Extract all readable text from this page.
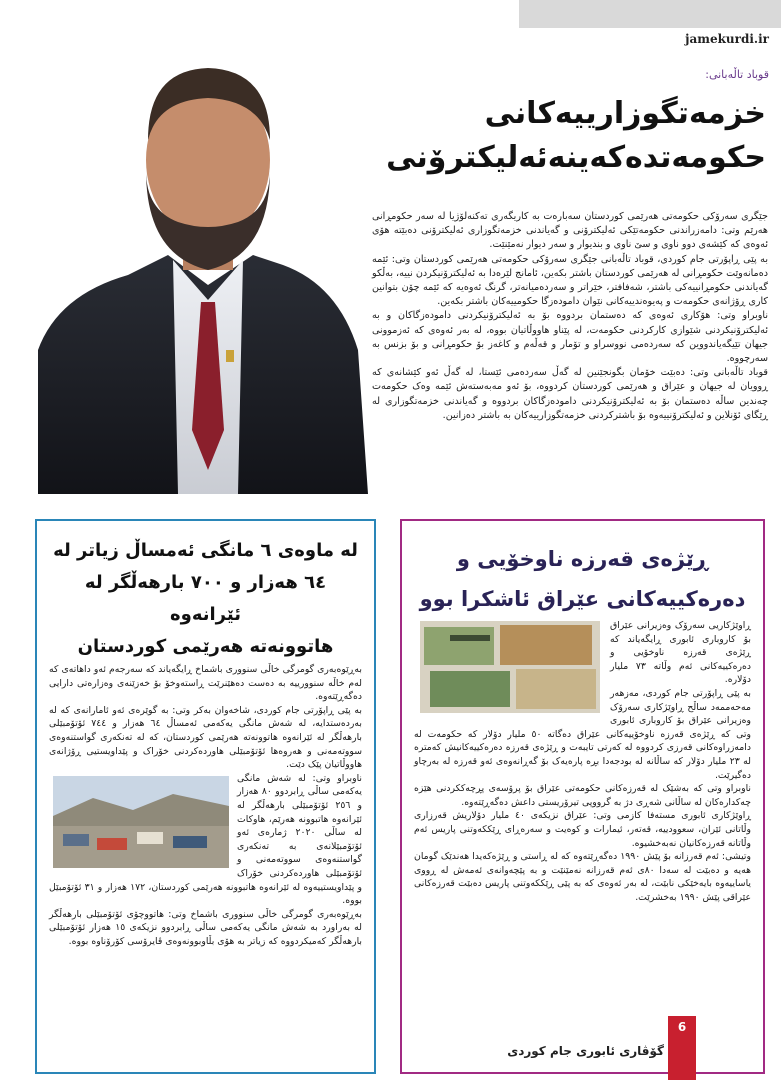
jamekurdi.ir
قوباد تاڵەبانی:
خزمەتگوزارییەکانی
حکومەتدەکەینەئەلیکترۆنی

جێگری سەرۆکی حکومەتی هەرێمی کوردستان سەبارەت بە کاریگەری تەکنەلۆژیا لە سەر حکومڕانی هەرێم وتی: دامەزراندنی حکومەتێکی ئەلیکترۆنی و گەیاندنی خزمەتگوزاری ئەلیکترۆنی دەبێتە هۆی ئەوەی کە کێشەی دوو ناوی و سێ ناوی و بندیوار و سەر دیوار نەمێنێت.

بە پێی ڕاپۆرتی جام کوردی، قوباد تاڵەبانی جێگری سەرۆکی حکومەتی هەرێمی کوردستان وتی: ئێمە دەمانەوێت حکومڕانی لە هەرێمی کوردستان باشتر بکەین، ئامانج لێرەدا بە ئەلیکترۆنیکردن نییە، بەڵکو گەیاندنی حکومڕانییەکی باشتر، شەفافتر، خێراتر و سەردەمیانەتر، گرنگ ئەوەیە کە ئێمە چۆن بتوانین کاری ڕۆژانەی حکومەت و پەیوەندییەکانی نێوان دامودەزگا حکومییەکان باشتر بکەین.

ناوبراو وتی: هۆکاری ئەوەی کە دەستمان بردووە بۆ بە ئەلیکترۆنیکردنی دامودەزگاکان و بە ئەلیکترۆنیکردنی شێوازی کارکردنی حکومەت، لە پێناو هاووڵاتیان بووە، لە بەر ئەوەی کە ئەزموونی جیهان تێیگەیاندووین کە سەردەمی نووسراو و تۆمار و قەڵەم و کاغەز بۆ حکومڕانی و بۆ بزنس بە سەرچووە.

قوباد تاڵەبانی وتی: دەبێت خۆمان بگونجێنین لە گەڵ سەردەمی ئێستا، لە گەڵ ئەو کێشانەی کە ڕوویان لە جیهان و عێراق و هەرێمی کوردستان کردووە، بۆ ئەو مەبەستەش ئێمە وەک حکومەت چەندین ساڵە دەستمان بۆ بە ئەلیکترۆنیکردنی دامودەزگاکان بردووە و گەیاندنی خزمەتگوزاری لە ڕێگای ئۆنلاین و ئەلیکترۆنییەوە بۆ باشترکردنی خزمەتگوزارییەکان بە باشتر دەزانین.

ڕێژەی قەرزە ناوخۆیی و
دەرەکییەکانی عێراق ئاشکرا بوو

ڕاوێژکاریی سەرۆک وەزیرانی عێراق بۆ کاروباری ئابوری ڕایگەیاند کە ڕێژەی قەرزە ناوخۆیی و دەرەکییەکانی ئەم وڵاتە ٧٣ ملیار دۆلارە.

بە پێی ڕاپۆرتی جام کوردی، مەزهەر مەحەممەد ساڵح ڕاوێژکاری سەرۆک وەزیرانی عێراق بۆ کاروباری ئابوری وتی کە ڕێژەی قەرزە ناوخۆییەکانی عێراق دەگاتە ٥٠ ملیار دۆلار کە حکومەت لە دامەزراوەکانی قەرزی کردووە لە کەرتی تایبەت و ڕێژەی قەرزە دەرەکییەکانیش کەمترە لە ٢٣ ملیار دۆلار کە ساڵانە لە بودجەدا بڕە پارەیەک بۆ گەڕانەوەی ئەو قەرزە لە بەرچاو دەگیرێت.

ناوبراو وتی کە بەشێک لە قەرزەکانی حکومەتی عێراق بۆ پرۆسەی پڕچەککردنی هێزە چەکدارەکان لە ساڵانی شەڕی دژ بە گرووپی تیرۆریستی داعش دەگەڕێتەوە.

ڕاوێژکاری ئابوری مستەفا کازمی وتی: عێراق نزیکەی ٤٠ ملیار دۆلاریش قەرزاری وڵاتانی ئێران، سعوودییە، قەتەر، ئیمارات و کوەیت و سەرەڕای ڕێککەوتنی پاریس ئەم وڵاتانە قەرزەکانیان نەبەخشیوە.

وتیشی: ئەم قەرزانە بۆ پێش ١٩٩٠ دەگەڕێتەوە کە لە ڕاستی و ڕێژەکەیدا هەندێک گومان هەیە و دەبێت لە سەدا ٨٠ی ئەم قەرزانە نەمێنێت و بە پێچەوانەی ئەمەش لە ڕووی یاساییەوە بایەخێکی نابێت، لە بەر ئەوەی کە بە پێی ڕێککەوتنی پاریس دەبێت قەرزەکانی عێراقی پێش ١٩٩٠ بەخشرێت.

لە ماوەی ٦ مانگی ئەمساڵ زیاتر لە
٦٤ هەزار و ٧٠٠ بارهەڵگر لە ئێرانەوە
هاتوونەتە هەرێمی کوردستان

بەڕێوەبەری گومرگی خاڵی سنووری باشماخ ڕایگەیاند کە سەرجەم ئەو داهاتەی کە لەم خاڵە سنوورییە بە دەست دەهێنرێت ڕاستەوخۆ بۆ خەزێنەی وەزارەتی دارایی دەگەڕێتەوە.

بە پێی ڕاپۆرتی جام کوردی، شاخەوان بەکر وتی: بە گوێرەی ئەو ئامارانەی کە لە بەردەستدایە، لە شەش مانگی یەکەمی ئەمساڵ ٦٤ هەزار و ٧٤٤ ئۆتۆمبێلی بارهەڵگر لە ئێرانەوە هاتوونەتە هەرێمی کوردستان، کە لە تەنکەری گواستنەوەی سووتەمەنی و هەروەها ئۆتۆمبێلی هاوردەکردنی خۆراک و پێداویستیی ڕۆژانەی هاووڵاتیان پێک دێت.

ناوبراو وتی: لە شەش مانگی یەکەمی ساڵی ڕابردوو ٨٠ هەزار و ٢٥٦ ئۆتۆمبێلی بارهەڵگر لە ئێرانەوە هاتبوونە هەرێم، هاوکات لە ساڵی ٢٠٢٠ ژمارەی ئەو ئۆتۆمبێلانەی بە تەنکەری گواستنەوەی سووتەمەنی و ئۆتۆمبێلی هاوردەکردنی خۆراک و پێداویستییەوە لە ئێرانەوە هاتبوونە هەرێمی کوردستان، ١٧٢ هەزار و ٣١ ئۆتۆمبێل بووە.

بەڕێوەبەری گومرگی خاڵی سنووری باشماخ وتی: هاتووچۆی ئۆتۆمبێلی بارهەڵگر لە بەراورد بە شەش مانگی یەکەمی ساڵی ڕابردوو نزیکەی ١٥ هەزار ئۆتۆمبێلی بارهەڵگر کەمیکردووە کە زیاتر بە هۆی بڵاوبوونەوەی ڤایرۆسی کۆرۆناوە بووە.

گۆڤاری ئابوری جام کوردی
6
